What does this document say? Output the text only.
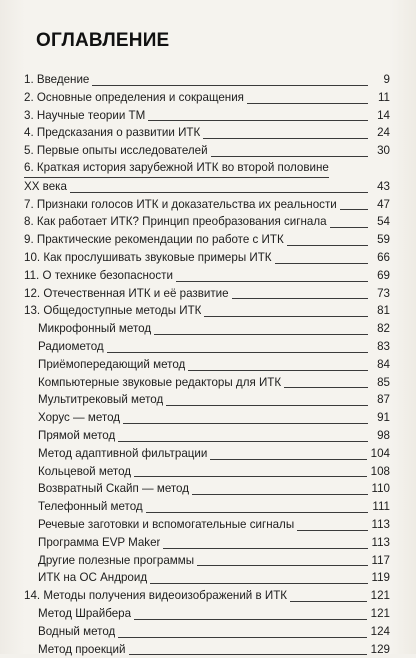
ОГЛАВЛЕНИЕ
1. Введение	9
2. Основные определения и сокращения	11
3. Научные теории ТМ	14
4. Предсказания о развитии ИТК	24
5. Первые опыты исследователей	30
6. Краткая история зарубежной ИТК во второй половине
XX века	43
7. Признаки голосов ИТК и доказательства их реальности	47
8. Как работает ИТК? Принцип преобразования сигнала	54
9. Практические рекомендации по работе с ИТК	59
10. Как прослушивать звуковые примеры ИТК	66
11. О технике безопасности	69
12. Отечественная ИТК и её развитие	73
13. Общедоступные методы ИТК	81
Микрофонный метод	82
Радиометод	83
Приёмопередающий метод	84
Компьютерные звуковые редакторы для ИТК	85
Мультитрековый метод	87
Хорус — метод	91
Прямой метод	98
Метод адаптивной фильтрации	104
Кольцевой метод	108
Возвратный Скайп — метод	110
Телефонный метод	111
Речевые заготовки и вспомогательные сигналы	113
Программа EVP Maker	113
Другие полезные программы	117
ИТК на ОС Андроид	119
14. Методы получения видеоизображений в ИТК	121
Метод Шрайбера	121
Водный метод	124
Метод проекций	129
